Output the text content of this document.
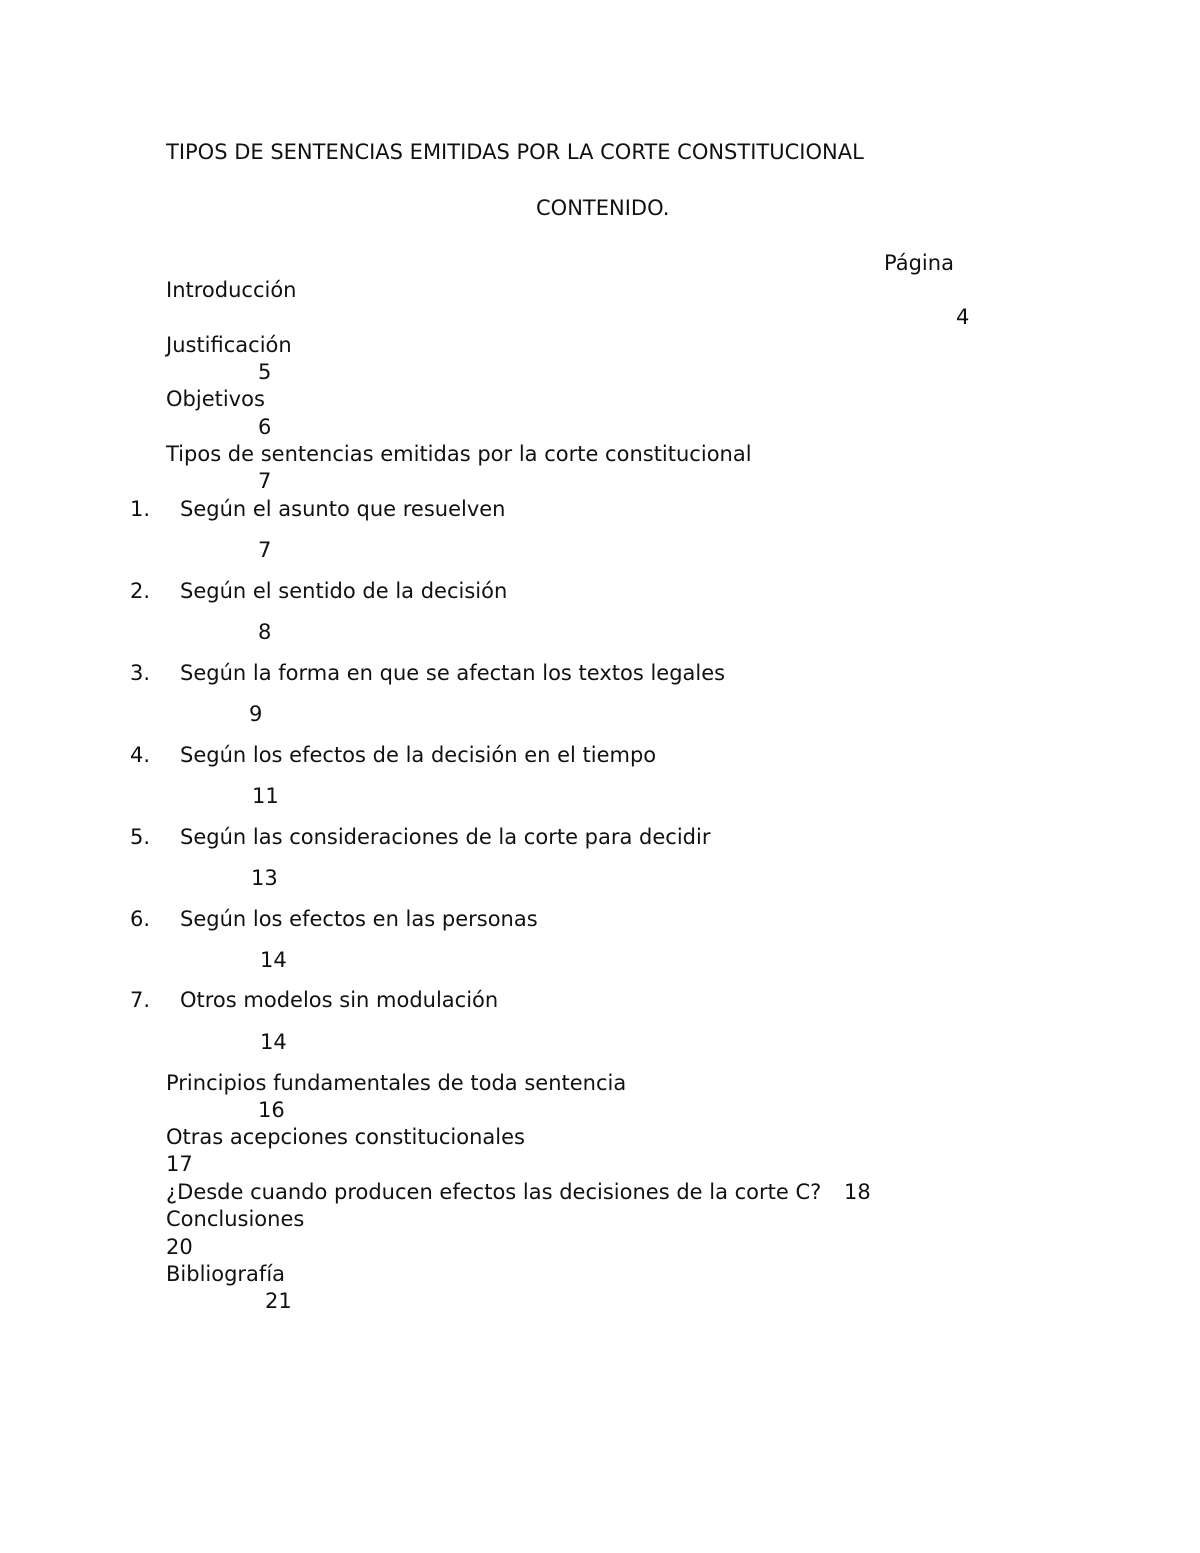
TIPOS DE SENTENCIAS EMITIDAS POR LA CORTE CONSTITUCIONAL
CONTENIDO.
Página
Introducción
4
Justificación
5
Objetivos
6
Tipos de sentencias emitidas por la corte constitucional
7
1. Según el asunto que resuelven
7
2. Según el sentido de la decisión
8
3. Según la forma en que se afectan los textos legales
9
4. Según los efectos de la decisión en el tiempo
11
5. Según las consideraciones de la corte para decidir
13
6. Según los efectos en las personas
14
7. Otros modelos sin modulación
14
Principios fundamentales de toda sentencia
16
Otras acepciones constitucionales
17
¿Desde cuando producen efectos las decisiones de la corte C? 18
Conclusiones
20
Bibliografía
21
